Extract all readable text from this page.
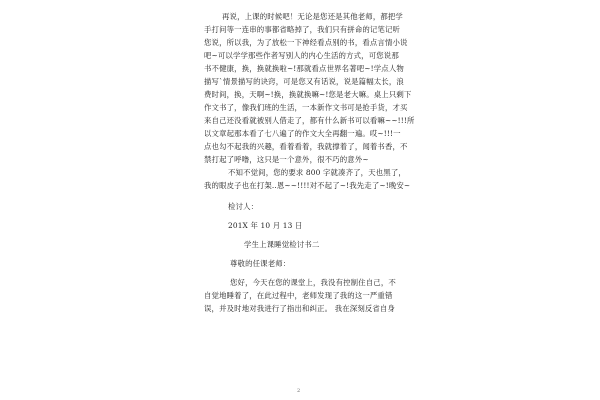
再说，上课的时候吧！无论是您还是其他老师，都把学
手打问等一连串的事都省略掉了，我们只有拼命的记笔记听
您说，所以我，为了放松一下神经看点别的书，看点言情小说
吧~可以学学那些作者写别人的内心生活的方式，可您说那
书不健康，换，换就换啦~!那就看点世界名著吧~!学点人物
描写`情景描写的诀窍，可是您又有话说，说是篇幅太长，浪
费时间，换，天啊~!换，换就换嘛~!您是老大嘛。桌上只剩下
作文书了，像我们班的生活，一本新作文书可是抢手货，才买
来自己还没看就被别人借走了，都有什么新书可以看嘛~~!!!所
以文章起那本看了七八遍了的作文大全再翻一遍。哎~!!!一
点也勾不起我的兴趣，看着看着，我就撑着了，闻着书香，不
禁打起了呼噜，这只是一个意外，很不巧的意外~
不知不觉间，您的要求 800 字就凑齐了，天也黑了，
我的眼皮子也在打架..恩~~!!!!对不起了~!我先走了~!晚安~
检讨人：
201X 年 10 月 13 日
学生上课睡觉检讨书二
尊敬的任课老师：
您好，今天在您的课堂上，我没有控制住自己，不
自觉地睡着了，在此过程中，老师发现了我的这一严重错
误，并及时地对我进行了指出和纠正。 我在深刻反省自身
2
